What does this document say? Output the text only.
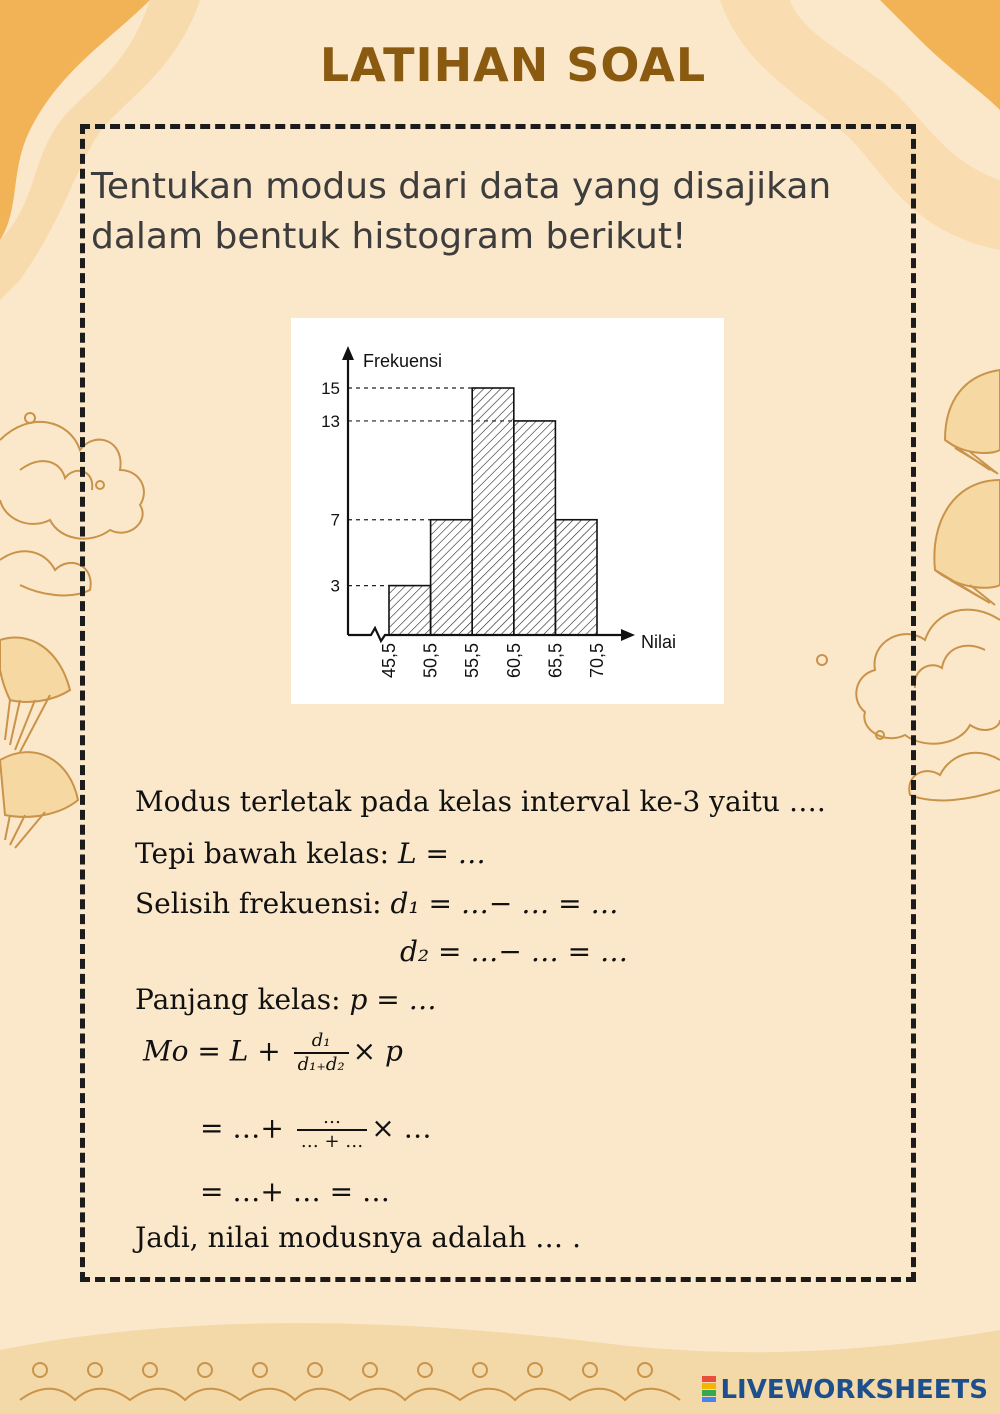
LATIHAN SOAL
Tentukan modus dari data yang disajikan
dalam bentuk histogram berikut!
3
7
13
15
Frekuensi
Nilai
45,5 50,5 55,5 60,5 65,5 70,5
Modus terletak pada kelas interval ke-3 yaitu ….
Tepi bawah kelas: L = …
Selisih frekuensi: d₁ = …− … = …
d₂ = …− … = …
Panjang kelas: p = …
$Mo = L + \frac{\text{d₁}}{\text{d₁₊d₂}} \times p$
= …+ $\frac{\dots}{\dots + \dots}$ × …
= …+ … = …
Jadi, nilai modusnya adalah … .
LIVEWORKSHEETS
